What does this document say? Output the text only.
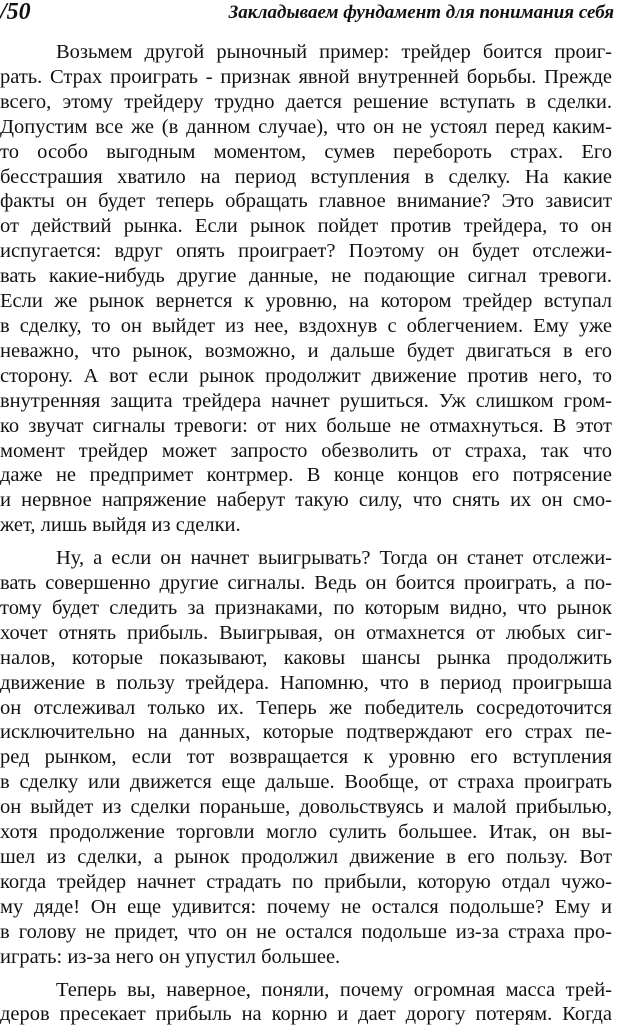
/50	Закладываем фундамент для понимания себя

Возьмем другой рыночный пример: трейдер боится проиг-
рать. Страх проиграть - признак явной внутренней борьбы. Прежде
всего, этому трейдеру трудно дается решение вступать в сделки.
Допустим все же (в данном случае), что он не устоял перед каким-
то особо выгодным моментом, сумев перебороть страх. Его
бесстрашия хватило на период вступления в сделку. На какие
факты он будет теперь обращать главное внимание? Это зависит
от действий рынка. Если рынок пойдет против трейдера, то он
испугается: вдруг опять проиграет? Поэтому он будет отслежи-
вать какие-нибудь другие данные, не подающие сигнал тревоги.
Если же рынок вернется к уровню, на котором трейдер вступал
в сделку, то он выйдет из нее, вздохнув с облегчением. Ему уже
неважно, что рынок, возможно, и дальше будет двигаться в его
сторону. А вот если рынок продолжит движение против него, то
внутренняя защита трейдера начнет рушиться. Уж слишком гром-
ко звучат сигналы тревоги: от них больше не отмахнуться. В этот
момент трейдер может запросто обезволить от страха, так что
даже не предпримет контрмер. В конце концов его потрясение
и нервное напряжение наберут такую силу, что снять их он смо-
жет, лишь выйдя из сделки.

Ну, а если он начнет выигрывать? Тогда он станет отслежи-
вать совершенно другие сигналы. Ведь он боится проиграть, а по-
тому будет следить за признаками, по которым видно, что рынок
хочет отнять прибыль. Выигрывая, он отмахнется от любых сиг-
налов, которые показывают, каковы шансы рынка продолжить
движение в пользу трейдера. Напомню, что в период проигрыша
он отслеживал только их. Теперь же победитель сосредоточится
исключительно на данных, которые подтверждают его страх пе-
ред рынком, если тот возвращается к уровню его вступления
в сделку или движется еще дальше. Вообще, от страха проиграть
он выйдет из сделки пораньше, довольствуясь и малой прибылью,
хотя продолжение торговли могло сулить большее. Итак, он вы-
шел из сделки, а рынок продолжил движение в его пользу. Вот
когда трейдер начнет страдать по прибыли, которую отдал чужо-
му дяде! Он еще удивится: почему не остался подольше? Ему и
в голову не придет, что он не остался подольше из-за страха про-
играть: из-за него он упустил большее.

Теперь вы, наверное, поняли, почему огромная масса трей-
деров пресекает прибыль на корню и дает дорогу потерям. Когда
